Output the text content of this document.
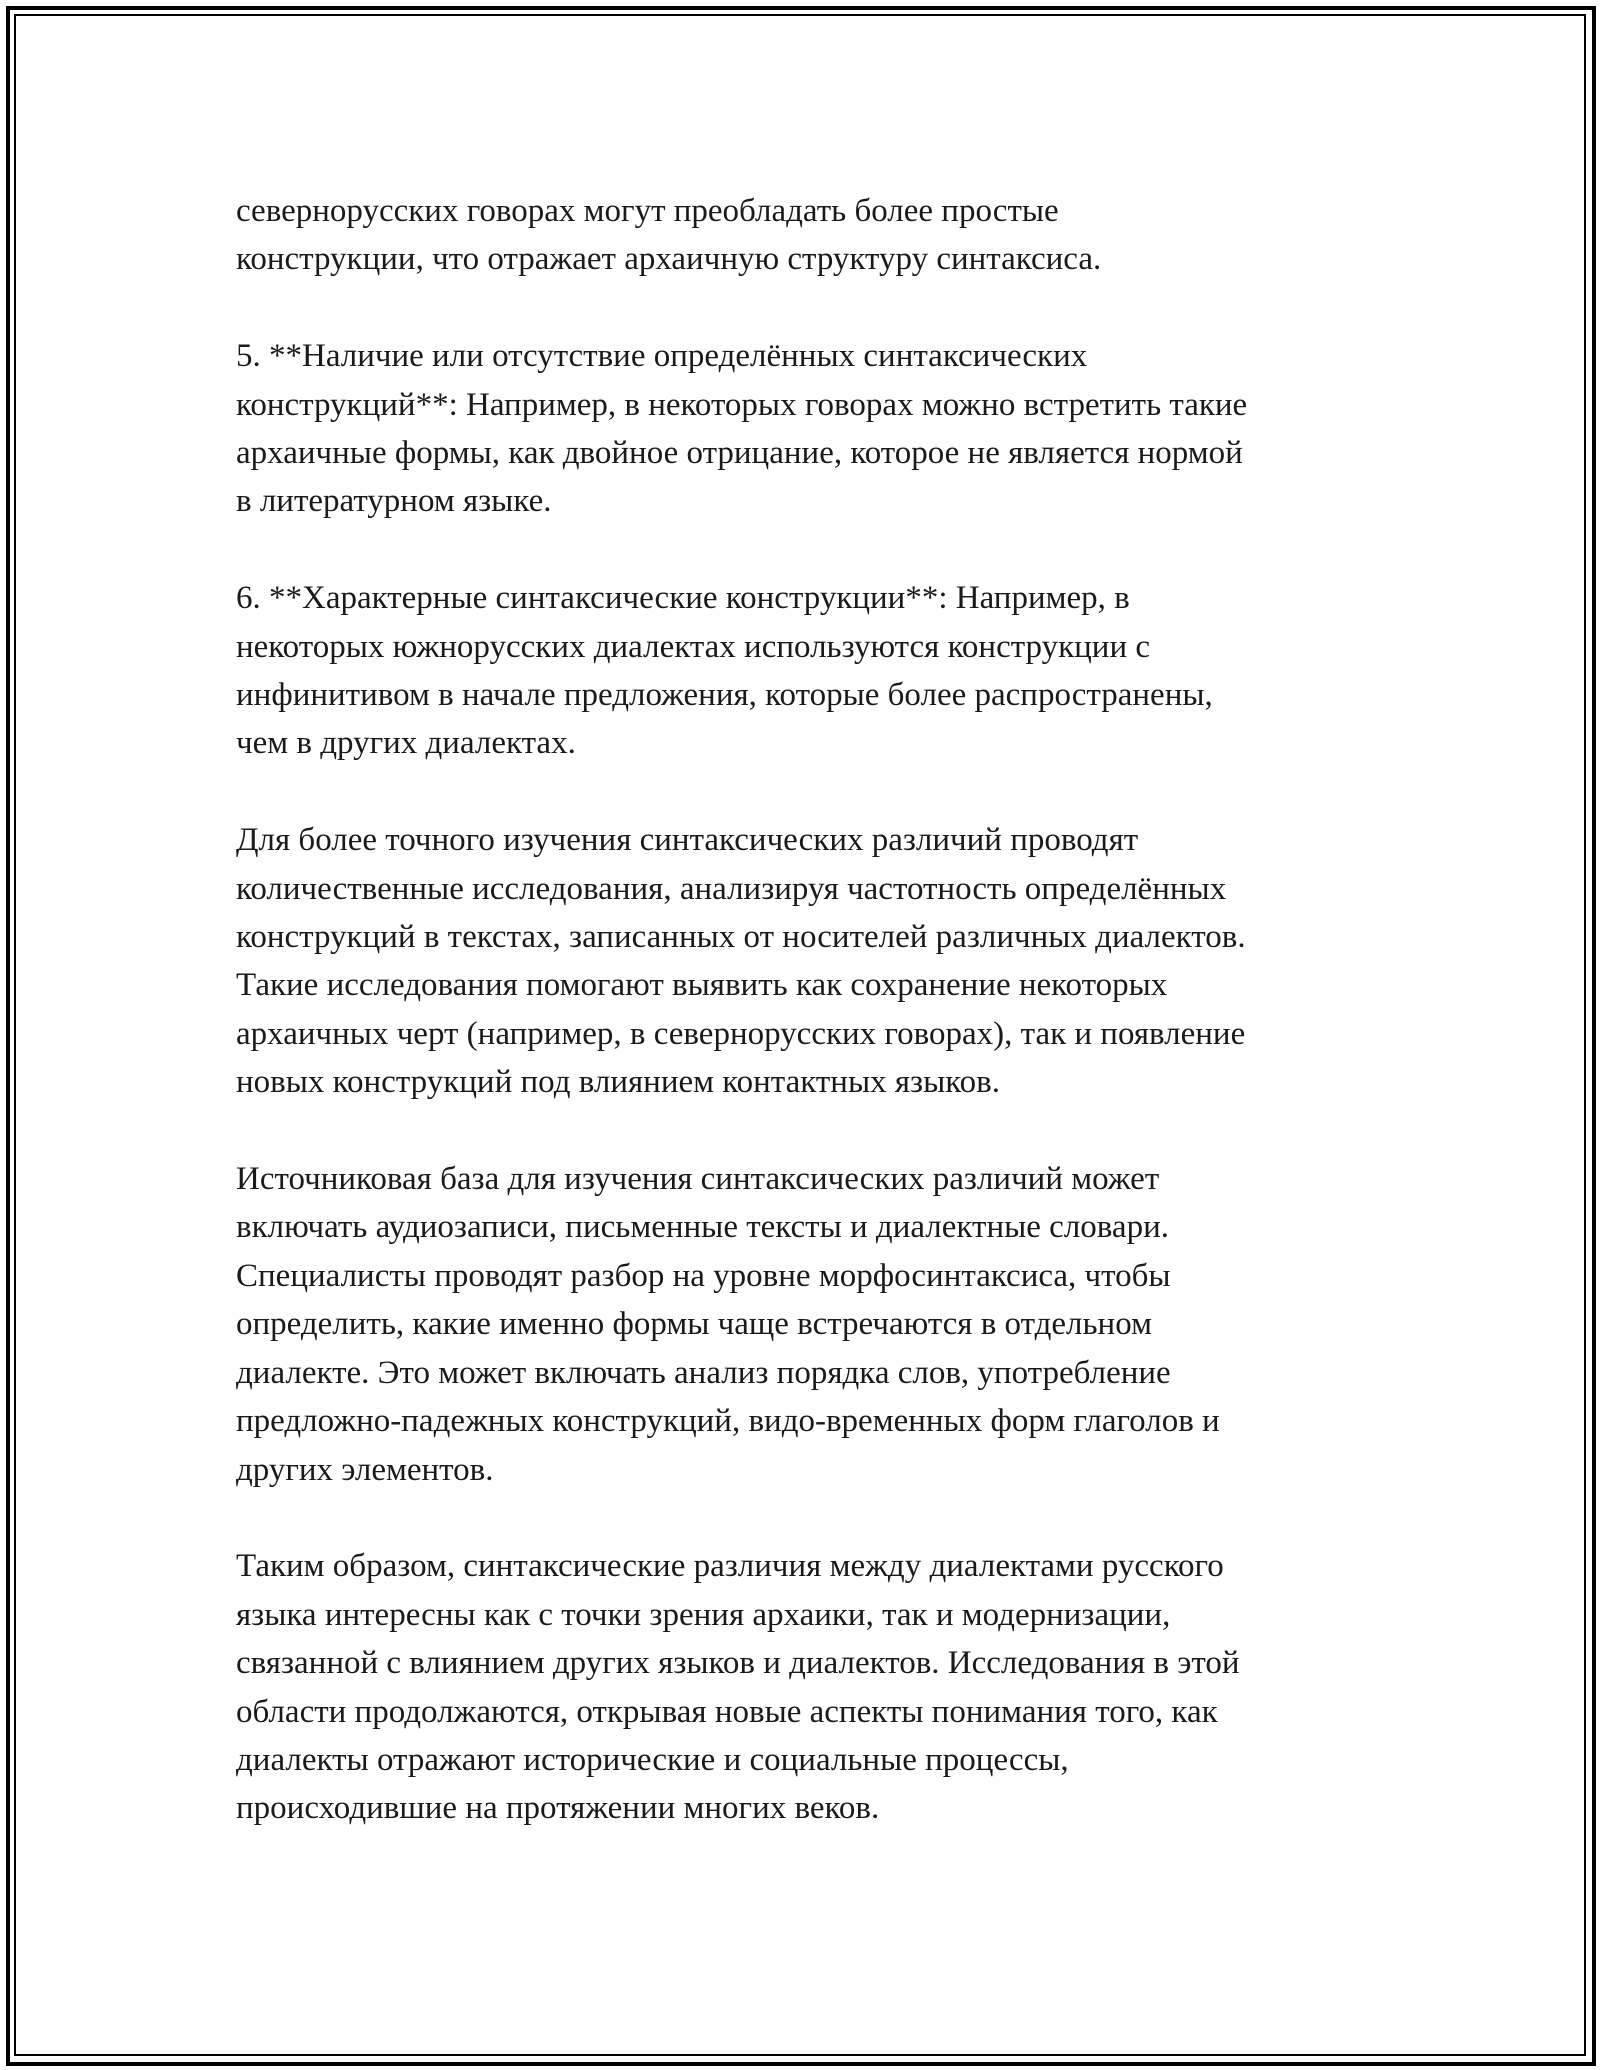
севернорусских говорах могут преобладать более простые
конструкции, что отражает архаичную структуру синтаксиса.

5. **Наличие или отсутствие определённых синтаксических
конструкций**: Например, в некоторых говорах можно встретить такие
архаичные формы, как двойное отрицание, которое не является нормой
в литературном языке.

6. **Характерные синтаксические конструкции**: Например, в
некоторых южнорусских диалектах используются конструкции с
инфинитивом в начале предложения, которые более распространены,
чем в других диалектах.

Для более точного изучения синтаксических различий проводят
количественные исследования, анализируя частотность определённых
конструкций в текстах, записанных от носителей различных диалектов.
Такие исследования помогают выявить как сохранение некоторых
архаичных черт (например, в севернорусских говорах), так и появление
новых конструкций под влиянием контактных языков.

Источниковая база для изучения синтаксических различий может
включать аудиозаписи, письменные тексты и диалектные словари.
Специалисты проводят разбор на уровне морфосинтаксиса, чтобы
определить, какие именно формы чаще встречаются в отдельном
диалекте. Это может включать анализ порядка слов, употребление
предложно-падежных конструкций, видо-временных форм глаголов и
других элементов.

Таким образом, синтаксические различия между диалектами русского
языка интересны как с точки зрения архаики, так и модернизации,
связанной с влиянием других языков и диалектов. Исследования в этой
области продолжаются, открывая новые аспекты понимания того, как
диалекты отражают исторические и социальные процессы,
происходившие на протяжении многих веков.
